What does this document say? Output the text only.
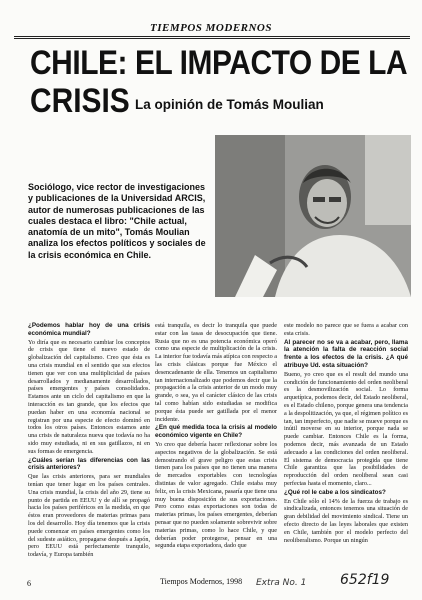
TIEMPOS MODERNOS
CHILE: EL IMPACTO DE LA
CRISIS La opinión de Tomás Moulian
Sociólogo, vice rector de investigaciones y publicaciones de la Universidad ARCIS, autor de numerosas publicaciones de las cuales destaca el libro: "Chile actual, anatomía de un mito", Tomás Moulian analiza los efectos políticos y sociales de la crisis económica en Chile.

¿Podemos hablar hoy de una crisis económica mundial?

Yo diría que es necesario cambiar los conceptos de crisis que tiene el nuevo estado de globalización del capitalismo. Creo que ésta es una crisis mundial en el sentido que sus efectos tienen que ver con una multiplicidad de países desarrollados y medianamente desarrollados, países emergentes y países consolidados. Estamos ante un ciclo del capitalismo en que la interacción es tan grande, que los efectos que puedan haber en una economía nacional se registran por una especie de efecto dominó en todos los otros países. Entonces estamos ante una crisis de naturaleza nueva que todavía no ha sido muy estudiada, ni en sus gatillazos, ni en sus formas de emergencia.

¿Cuáles serían las diferencias con las crisis anteriores?

Que las crisis anteriores, para ser mundiales tenían que tener lugar en los países centrales. Una crisis mundial, la crisis del año 29, tiene su punto de partida en EEUU y de allí se propagó hacia los países periféricos en la medida, en que éstos eran proveedores de materias primas para los del desarrollo. Hoy día tenemos que la crisis puede comenzar en países emergentes como los del sudeste asiático, propagarse después a Japón, pero EEUU está perfectamente tranquilo, todavía, y Europa también

está tranquila, es decir lo tranquila que puede estar con las tasas de desocupación que tiene. Rusia que no es una potencia económica operó como una especie de multiplicación de la crisis. La interior fue todavía más atípica con respecto a las crisis clásicas porque fue México el desencadenante de ella. Tenemos un capitalismo tan internacionalizado que podemos decir que la propagación a la crisis anterior de un modo muy grande, o sea, ya el carácter clásico de las crisis tal como habían sido estudiadas se modifica porque ésta puede ser gatillada por el menor incidente.

¿En qué medida toca la crisis al modelo económico vigente en Chile?

Yo creo que debería hacer reflexionar sobre los aspectos negativos de la globalización. Se está demostrando el grave peligro que estas crisis tienen para los países que no tienen una manera de mercados exportables con tecnologías distintas de valor agregado. Chile estaba muy feliz, en la crisis Mexicana, pasaría que tiene una muy buena disposición de sus exportaciones. Pero como estas exportaciones son todas de materias primas, los países emergentes, deberían pensar que no pueden solamente sobrevivir sobre materias primas, como lo hace Chile, y que deberían poder protegerse, pensar en una segunda etapa exportadora, dado que

este modelo no parece que se fuera a acabar con esta crisis.

Al parecer no se va a acabar, pero, llama la atención la falta de reacción social frente a los efectos de la crisis. ¿A qué atribuye Ud. esta situación?

Bueno, yo creo que es el result del mundo una condición de funcionamiento del orden neoliberal es la desmovilización social. Lo forma arquetípica, podemos decir, del Estado neoliberal, es el Estado chileno, porque genera una tendencia a la despolitización, ya que, el régimen político es tan, tan imperfecto, que nadie se mueve porque es inútil moverse en su interior, porque nada se puede cambiar. Entonces Chile es la forma, podemos decir, más avanzada de un Estado adecuado a las condiciones del orden neoliberal. El sistema de democracia protegida que tiene Chile garantiza que las posibilidades de reproducción del orden neoliberal sean casi perfectas hasta el momento, claro...

¿Qué rol le cabe a los sindicatos?

En Chile sólo el 14% de la fuerza de trabajo es sindicalizada, entonces tenemos una situación de gran debilidad del movimiento sindical. Tiene un efecto directo de las leyes laborales que existen en Chile, también por el modelo perfecto del neoliberalismo. Porque un ningún

6	Tiempos Modernos, 1998 Extra No. 1 652f19
